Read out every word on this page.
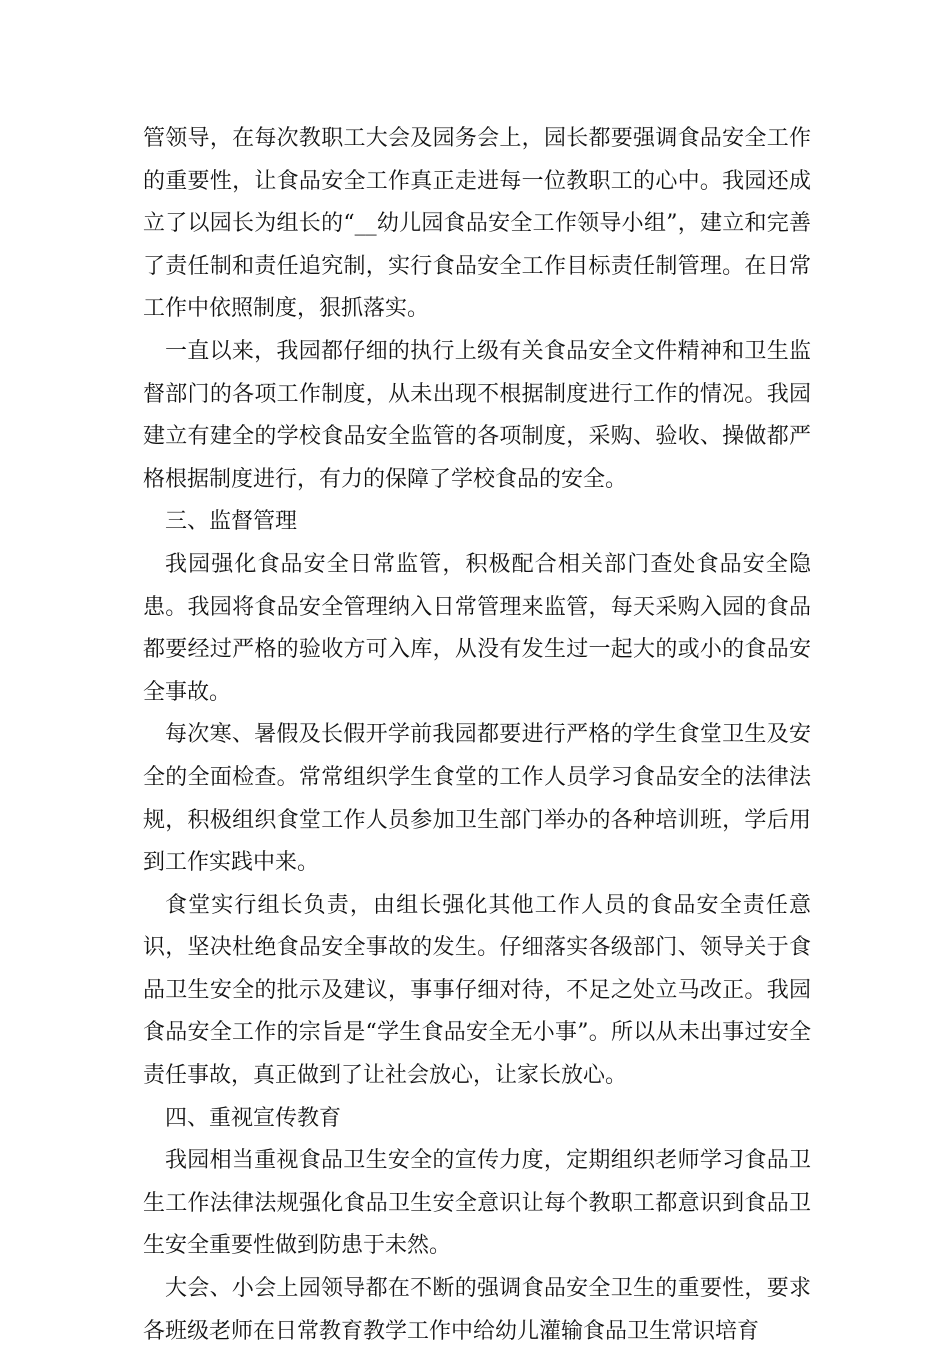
管领导，在每次教职工大会及园务会上，园长都要强调食品安全工作的重要性，让食品安全工作真正走进每一位教职工的心中。我园还成立了以园长为组长的“__幼儿园食品安全工作领导小组”，建立和完善了责任制和责任追究制，实行食品安全工作目标责任制管理。在日常工作中依照制度，狠抓落实。

一直以来，我园都仔细的执行上级有关食品安全文件精神和卫生监督部门的各项工作制度，从未出现不根据制度进行工作的情况。我园建立有建全的学校食品安全监管的各项制度，采购、验收、操做都严格根据制度进行，有力的保障了学校食品的安全。

三、监督管理

我园强化食品安全日常监管，积极配合相关部门查处食品安全隐患。我园将食品安全管理纳入日常管理来监管，每天采购入园的食品都要经过严格的验收方可入库，从没有发生过一起大的或小的食品安全事故。

每次寒、暑假及长假开学前我园都要进行严格的学生食堂卫生及安全的全面检查。常常组织学生食堂的工作人员学习食品安全的法律法规，积极组织食堂工作人员参加卫生部门举办的各种培训班，学后用到工作实践中来。

食堂实行组长负责，由组长强化其他工作人员的食品安全责任意识，坚决杜绝食品安全事故的发生。仔细落实各级部门、领导关于食品卫生安全的批示及建议，事事仔细对待，不足之处立马改正。我园食品安全工作的宗旨是“学生食品安全无小事”。所以从未出事过安全责任事故，真正做到了让社会放心，让家长放心。

四、重视宣传教育

我园相当重视食品卫生安全的宣传力度，定期组织老师学习食品卫生工作法律法规强化食品卫生安全意识让每个教职工都意识到食品卫生安全重要性做到防患于未然。

大会、小会上园领导都在不断的强调食品安全卫生的重要性，要求各班级老师在日常教育教学工作中给幼儿灌输食品卫生常识培育
